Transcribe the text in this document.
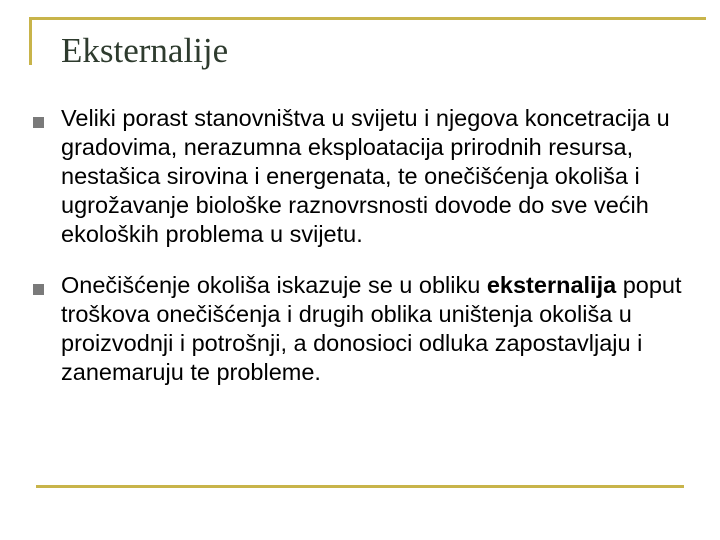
Eksternalije
Veliki porast stanovništva u svijetu i njegova koncetracija u gradovima, nerazumna eksploatacija prirodnih resursa, nestašica sirovina i energenata, te onečišćenja okoliša i ugrožavanje biološke raznovrsnosti dovode do sve većih ekoloških problema u svijetu.
Onečišćenje okoliša iskazuje se u obliku eksternalija poput troškova onečišćenja i drugih oblika uništenja okoliša u proizvodnji i potrošnji, a donosioci odluka zapostavljaju i zanemaruju te probleme.
